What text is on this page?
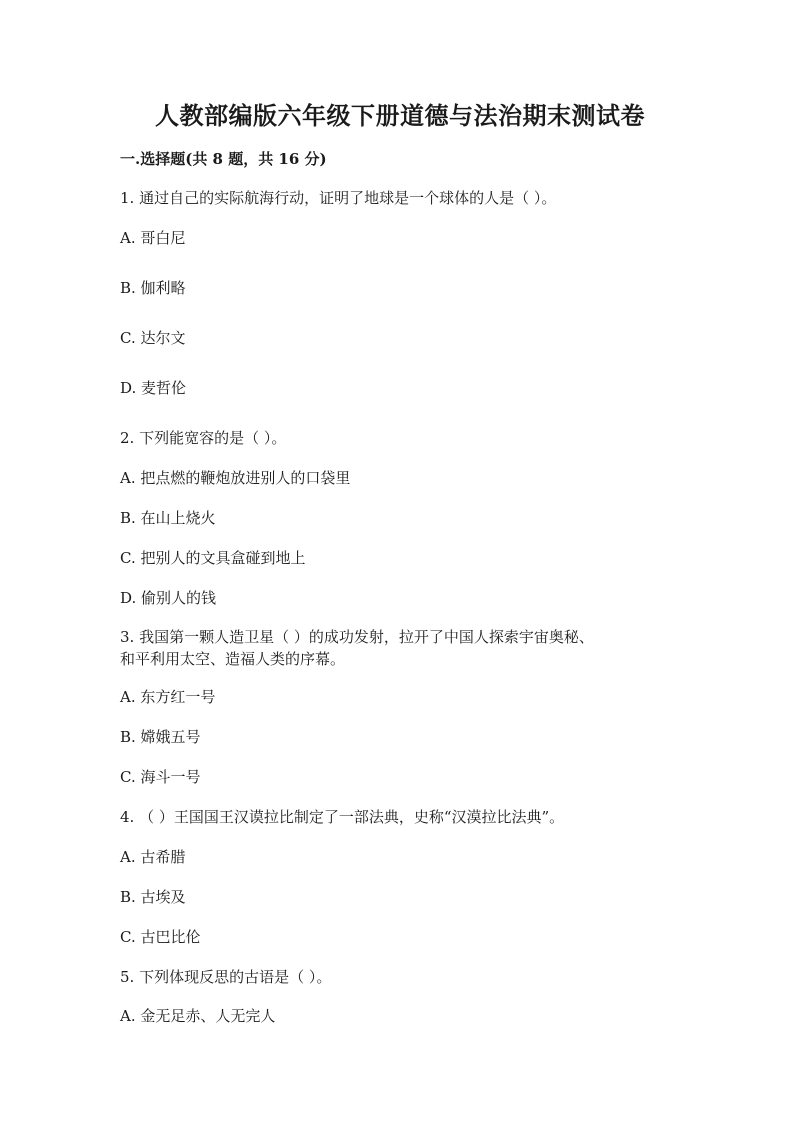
人教部编版六年级下册道德与法治期末测试卷
一.选择题(共 8 题，共 16 分)
1. 通过自己的实际航海行动，证明了地球是一个球体的人是（ ）。
A. 哥白尼
B. 伽利略
C. 达尔文
D. 麦哲伦
2. 下列能宽容的是（ ）。
A. 把点燃的鞭炮放进别人的口袋里
B. 在山上烧火
C. 把别人的文具盒碰到地上
D. 偷别人的钱
3. 我国第一颗人造卫星（ ）的成功发射，拉开了中国人探索宇宙奥秘、
和平利用太空、造福人类的序幕。
A. 东方红一号
B. 嫦娥五号
C. 海斗一号
4. （ ）王国国王汉谟拉比制定了一部法典，史称“汉漠拉比法典”。
A. 古希腊
B. 古埃及
C. 古巴比伦
5. 下列体现反思的古语是（ ）。
A. 金无足赤、人无完人
